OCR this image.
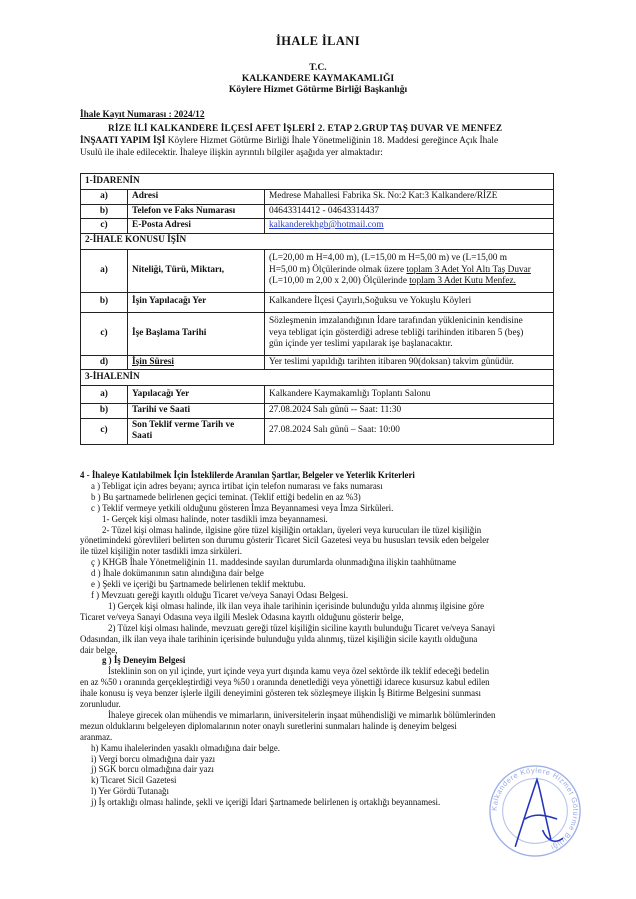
İHALE İLANI
T.C.
KALKANDERE KAYMAKAMLIĞI
Köylere Hizmet Götürme Birliği Başkanlığı
İhale Kayıt Numarası : 2024/12
RİZE İLİ KALKANDERE İLÇESİ AFET İŞLERİ 2. ETAP 2.GRUP TAŞ DUVAR VE MENFEZ
İNŞAATI YAPIM İŞİ Köylere Hizmet Götürme Birliği İhale Yönetmeliğinin 18. Maddesi gereğince Açık İhale
Usulü ile ihale edilecektir. İhaleye ilişkin ayrıntılı bilgiler aşağıda yer almaktadır:
1-İDARENİN		
a)	Adresi	Medrese Mahallesi Fabrika Sk. No:2 Kat:3 Kalkandere/RİZE
b)	Telefon ve Faks Numarası	04643314412 - 04643314437
c)	E-Posta Adresi	kalkanderekhgb@hotmail.com
2-İHALE KONUSU İŞİN		
a)	Niteliği, Türü, Miktarı,	(L=20,00 m H=4,00 m), (L=15,00 m H=5,00 m) ve (L=15,00 m
H=5,00 m) Ölçülerinde olmak üzere toplam 3 Adet Yol Altı Taş Duvar
(L=10,00 m 2,00 x 2,00) Ölçülerinde toplam 3 Adet Kutu Menfez.
b)	İşin Yapılacağı Yer	Kalkandere İlçesi Çayırlı,Soğuksu ve Yokuşlu Köyleri
c)	İşe Başlama Tarihi	Sözleşmenin imzalandığının İdare tarafından yüklenicinin kendisine
veya tebligat için gösterdiği adrese tebliği tarihinden itibaren 5 (beş)
gün içinde yer teslimi yapılarak işe başlanacaktır.
d)	İşin Süresi	Yer teslimi yapıldığı tarihten itibaren 90(doksan) takvim günüdür.
3-İHALENİN		
a)	Yapılacağı Yer	Kalkandere Kaymakamlığı Toplantı Salonu
b)	Tarihi ve Saati	27.08.2024 Salı günü -- Saat: 11:30
c)	Son Teklif verme Tarih ve
Saati	27.08.2024 Salı günü – Saat: 10:00

4 - İhaleye Katılabilmek İçin İsteklilerde Aranılan Şartlar, Belgeler ve Yeterlik Kriterleri

a ) Tebligat için adres beyanı; ayrıca irtibat için telefon numarası ve faks numarası

b ) Bu şartnamede belirlenen geçici teminat. (Teklif ettiği bedelin en az %3)

c ) Teklif vermeye yetkili olduğunu gösteren İmza Beyannamesi veya İmza Sirküleri.

1- Gerçek kişi olması halinde, noter tasdikli imza beyannamesi.

2- Tüzel kişi olması halinde, ilgisine göre tüzel kişiliğin ortakları, üyeleri veya kurucuları ile tüzel kişiliğin

yönetimindeki görevlileri belirten son durumu gösterir Ticaret Sicil Gazetesi veya bu hususları tevsik eden belgeler

ile tüzel kişiliğin noter tasdikli imza sirküleri.

ç ) KHGB İhale Yönetmeliğinin 11. maddesinde sayılan durumlarda olunmadığına ilişkin taahhütname

d ) İhale dokümanının satın alındığına dair belge

e ) Şekli ve içeriği bu Şartnamede belirlenen teklif mektubu.

f ) Mevzuatı gereği kayıtlı olduğu Ticaret ve/veya Sanayi Odası Belgesi.

1) Gerçek kişi olması halinde, ilk ilan veya ihale tarihinin içerisinde bulunduğu yılda alınmış ilgisine göre

Ticaret ve/veya Sanayi Odasına veya ilgili Meslek Odasına kayıtlı olduğunu gösterir belge,

2) Tüzel kişi olması halinde, mevzuatı gereği tüzel kişiliğin siciline kayıtlı bulunduğu Ticaret ve/veya Sanayi

Odasından, ilk ilan veya ihale tarihinin içerisinde bulunduğu yılda alınmış, tüzel kişiliğin sicile kayıtlı olduğuna

dair belge,

g ) İş Deneyim Belgesi

İsteklinin son on yıl içinde, yurt içinde veya yurt dışında kamu veya özel sektörde ilk teklif edeceği bedelin

en az %50 ı oranında gerçekleştirdiği veya %50 ı oranında denetlediği veya yönettiği idarece kusursuz kabul edilen

ihale konusu iş veya benzer işlerle ilgili deneyimini gösteren tek sözleşmeye ilişkin İş Bitirme Belgesini sunması

zorunludur.

İhaleye girecek olan mühendis ve mimarların, üniversitelerin inşaat mühendisliği ve mimarlık bölümlerinden

mezun olduklarını belgeleyen diplomalarının noter onaylı suretlerini sunmaları halinde iş deneyim belgesi

aranmaz.

h) Kamu ihalelerinden yasaklı olmadığına dair belge.

i) Vergi borcu olmadığına dair yazı

j) SGK borcu olmadığına dair yazı

k) Ticaret Sicil Gazetesi

l) Yer Gördü Tutanağı

j) İş ortaklığı olması halinde, şekli ve içeriği İdari Şartnamede belirlenen iş ortaklığı beyannamesi.

Kalkandere Köylere Hizmet Götürme Birliği
